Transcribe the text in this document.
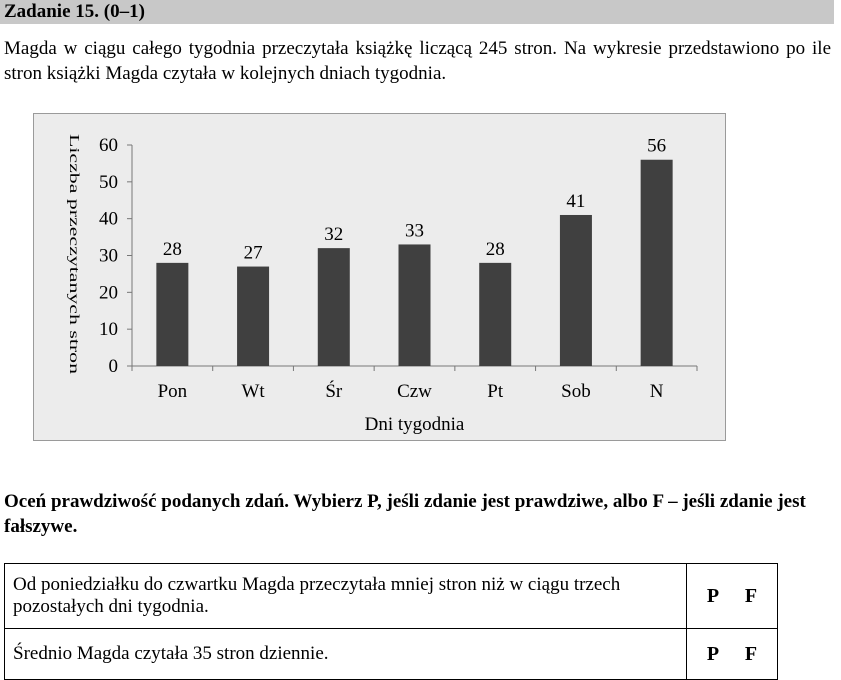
Zadanie 15. (0–1)
Magda w ciągu całego tygodnia przeczytała książkę liczącą 245 stron. Na wykresie przedstawiono po ile stron książki Magda czytała w kolejnych dniach tygodnia.
0
10
20
30
40
50
60
28
Pon
27
Wt
32
Śr
33
Czw
28
Pt
41
Sob
56
N
Dni tygodnia
Liczba przeczytanych stron
Oceń prawdziwość podanych zdań. Wybierz P, jeśli zdanie jest prawdziwe, albo F – jeśli zdanie jest fałszywe.
Od poniedziałku do czwartku Magda przeczytała mniej stron niż w ciągu trzech pozostałych dni tygodnia.	P F
Średnio Magda czytała 35 stron dziennie.	P F
